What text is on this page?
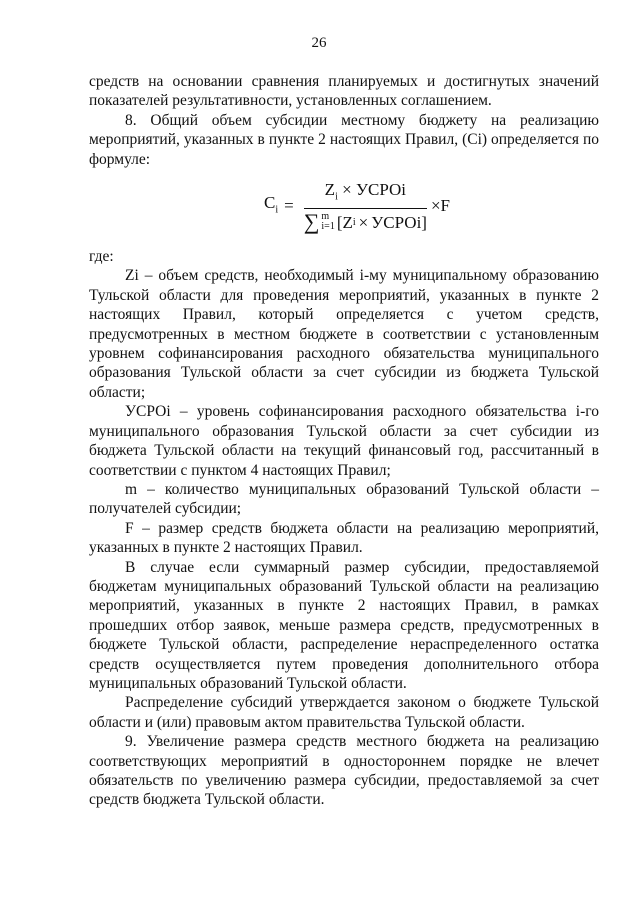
26

средств на основании сравнения планируемых и достигнутых значений показателей результативности, установленных соглашением.

8. Общий объем субсидии местному бюджету на реализацию мероприятий, указанных в пункте 2 настоящих Правил, (Ci) определяется по формуле:

$C_i$ =
$Z_i$ × УСРОi
∑ m
i=1 [Z i × УСРОi]
× F

где:

Zi – объем средств, необходимый i-му муниципальному образованию Тульской области для проведения мероприятий, указанных в пункте 2 настоящих Правил, который определяется с учетом средств, предусмотренных в местном бюджете в соответствии с установленным уровнем софинансирования расходного обязательства муниципального образования Тульской области за счет субсидии из бюджета Тульской области;

УСРОi – уровень софинансирования расходного обязательства i-го муниципального образования Тульской области за счет субсидии из бюджета Тульской области на текущий финансовый год, рассчитанный в соответствии с пунктом 4 настоящих Правил;

m – количество муниципальных образований Тульской области – получателей субсидии;

F – размер средств бюджета области на реализацию мероприятий, указанных в пункте 2 настоящих Правил.

В случае если суммарный размер субсидии, предоставляемой бюджетам муниципальных образований Тульской области на реализацию мероприятий, указанных в пункте 2 настоящих Правил, в рамках прошедших отбор заявок, меньше размера средств, предусмотренных в бюджете Тульской области, распределение нераспределенного остатка средств осуществляется путем проведения дополнительного отбора муниципальных образований Тульской области.

Распределение субсидий утверждается законом о бюджете Тульской области и (или) правовым актом правительства Тульской области.

9. Увеличение размера средств местного бюджета на реализацию соответствующих мероприятий в одностороннем порядке не влечет обязательств по увеличению размера субсидии, предоставляемой за счет средств бюджета Тульской области.
